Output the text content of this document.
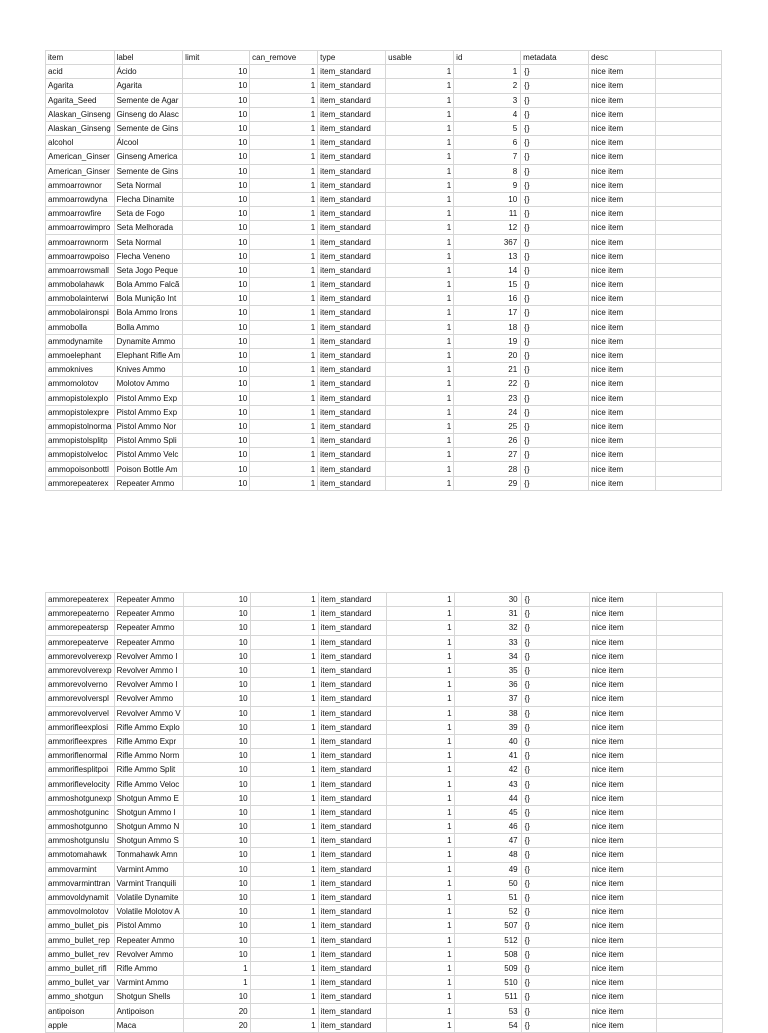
item	label	limit	can_remove	type	usable	id	metadata	desc	
acid	Ácido	10	1	item_standard	1	1	{}	nice item	
Agarita	Agarita	10	1	item_standard	1	2	{}	nice item	
Agarita_Seed	Semente de Agar	10	1	item_standard	1	3	{}	nice item	
Alaskan_Ginseng	Ginseng do Alasc	10	1	item_standard	1	4	{}	nice item	
Alaskan_Ginseng	Semente de Gins	10	1	item_standard	1	5	{}	nice item	
alcohol	Álcool	10	1	item_standard	1	6	{}	nice item	
American_Ginser	Ginseng America	10	1	item_standard	1	7	{}	nice item	
American_Ginser	Semente de Gins	10	1	item_standard	1	8	{}	nice item	
ammoarrownor	Seta Normal	10	1	item_standard	1	9	{}	nice item	
ammoarrowdyna	Flecha Dinamite	10	1	item_standard	1	10	{}	nice item	
ammoarrowfire	Seta de Fogo	10	1	item_standard	1	11	{}	nice item	
ammoarrowimpro	Seta Melhorada	10	1	item_standard	1	12	{}	nice item	
ammoarrownorm	Seta Normal	10	1	item_standard	1	367	{}	nice item	
ammoarrowpoiso	Flecha Veneno	10	1	item_standard	1	13	{}	nice item	
ammoarrowsmall	Seta Jogo Peque	10	1	item_standard	1	14	{}	nice item	
ammobolahawk	Bola Ammo Falcã	10	1	item_standard	1	15	{}	nice item	
ammobolainterwi	Bola Munição Int	10	1	item_standard	1	16	{}	nice item	
ammobolaironspi	Bola Ammo Irons	10	1	item_standard	1	17	{}	nice item	
ammobolla	Bolla Ammo	10	1	item_standard	1	18	{}	nice item	
ammodynamite	Dynamite Ammo	10	1	item_standard	1	19	{}	nice item	
ammoelephant	Elephant Rifle Am	10	1	item_standard	1	20	{}	nice item	
ammoknives	Knives Ammo	10	1	item_standard	1	21	{}	nice item	
ammomolotov	Molotov Ammo	10	1	item_standard	1	22	{}	nice item	
ammopistolexplo	Pistol Ammo Exp	10	1	item_standard	1	23	{}	nice item	
ammopistolexpre	Pistol Ammo Exp	10	1	item_standard	1	24	{}	nice item	
ammopistolnorma	Pistol Ammo Nor	10	1	item_standard	1	25	{}	nice item	
ammopistolsplitp	Pistol Ammo Spli	10	1	item_standard	1	26	{}	nice item	
ammopistolveloc	Pistol Ammo Velc	10	1	item_standard	1	27	{}	nice item	
ammopoisonbottl	Poison Bottle Am	10	1	item_standard	1	28	{}	nice item	
ammorepeaterex	Repeater Ammo	10	1	item_standard	1	29	{}	nice item	
ammorepeaterex	Repeater Ammo	10	1	item_standard	1	30	{}	nice item	
ammorepeaterno	Repeater Ammo	10	1	item_standard	1	31	{}	nice item	
ammorepeatersp	Repeater Ammo	10	1	item_standard	1	32	{}	nice item	
ammorepeaterve	Repeater Ammo	10	1	item_standard	1	33	{}	nice item	
ammorevolverexp	Revolver Ammo I	10	1	item_standard	1	34	{}	nice item	
ammorevolverexp	Revolver Ammo I	10	1	item_standard	1	35	{}	nice item	
ammorevolverno	Revolver Ammo I	10	1	item_standard	1	36	{}	nice item	
ammorevolverspl	Revolver Ammo	10	1	item_standard	1	37	{}	nice item	
ammorevolvervel	Revolver Ammo V	10	1	item_standard	1	38	{}	nice item	
ammorifleexplosi	Rifle Ammo Explo	10	1	item_standard	1	39	{}	nice item	
ammorifleexpres	Rifle Ammo Expr	10	1	item_standard	1	40	{}	nice item	
ammoriflenormal	Rifle Ammo Norm	10	1	item_standard	1	41	{}	nice item	
ammoriflesplitpoi	Rifle Ammo Split	10	1	item_standard	1	42	{}	nice item	
ammoriflevelocity	Rifle Ammo Veloc	10	1	item_standard	1	43	{}	nice item	
ammoshotgunexp	Shotgun Ammo E	10	1	item_standard	1	44	{}	nice item	
ammoshotguninc	Shotgun Ammo I	10	1	item_standard	1	45	{}	nice item	
ammoshotgunno	Shotgun Ammo N	10	1	item_standard	1	46	{}	nice item	
ammoshotgunslu	Shotgun Ammo S	10	1	item_standard	1	47	{}	nice item	
ammotomahawk	Tonmahawk Amn	10	1	item_standard	1	48	{}	nice item	
ammovarmint	Varmint Ammo	10	1	item_standard	1	49	{}	nice item	
ammovarminttran	Varmint Tranquili	10	1	item_standard	1	50	{}	nice item	
ammovoldynamit	Volatile Dynamite	10	1	item_standard	1	51	{}	nice item	
ammovolmolotov	Volatile Molotov A	10	1	item_standard	1	52	{}	nice item	
ammo_bullet_pis	Pistol Ammo	10	1	item_standard	1	507	{}	nice item	
ammo_bullet_rep	Repeater Ammo	10	1	item_standard	1	512	{}	nice item	
ammo_bullet_rev	Revolver Ammo	10	1	item_standard	1	508	{}	nice item	
ammo_bullet_rifl	Rifle Ammo	1	1	item_standard	1	509	{}	nice item	
ammo_bullet_var	Varmint Ammo	1	1	item_standard	1	510	{}	nice item	
ammo_shotgun	Shotgun Shells	10	1	item_standard	1	511	{}	nice item	
antipoison	Antipoison	20	1	item_standard	1	53	{}	nice item	
apple	Maca	20	1	item_standard	1	54	{}	nice item	
